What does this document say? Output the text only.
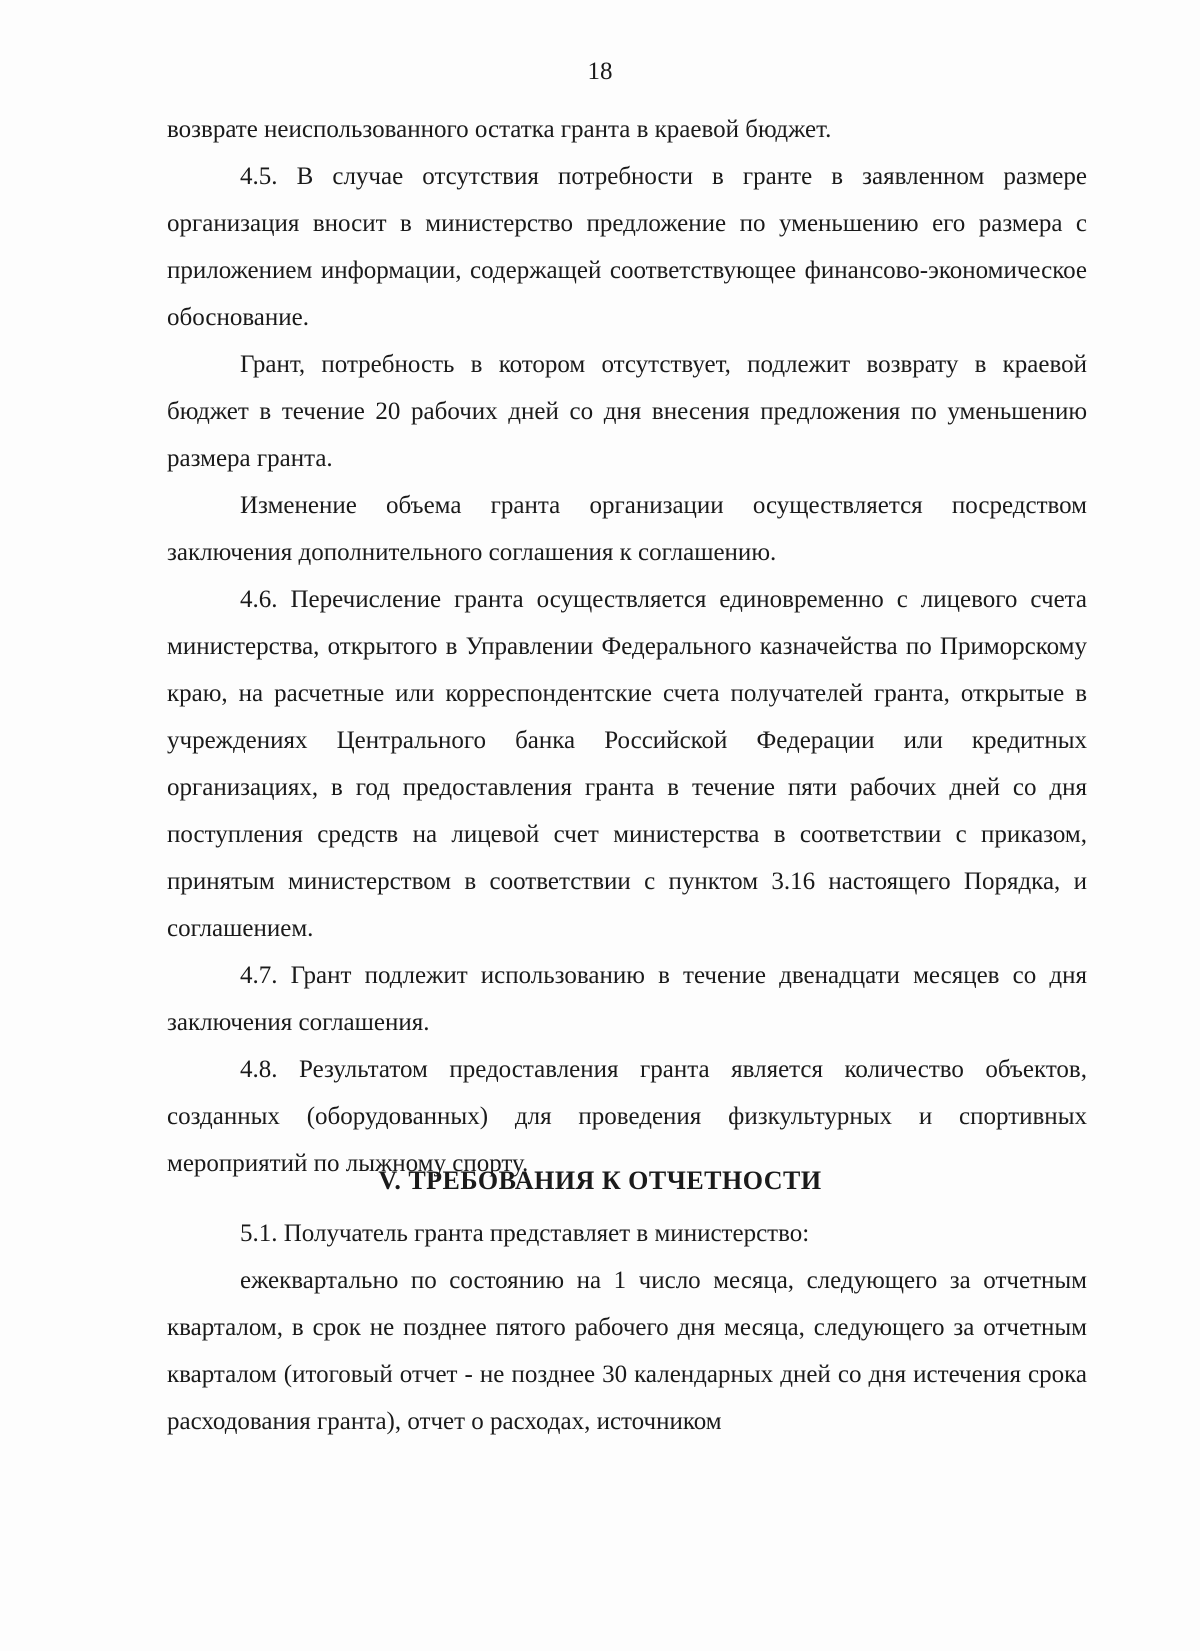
18

возврате неиспользованного остатка гранта в краевой бюджет.

4.5. В случае отсутствия потребности в гранте в заявленном размере организация вносит в министерство предложение по уменьшению его размера с приложением информации, содержащей соответствующее финансово-экономическое обоснование.

Грант, потребность в котором отсутствует, подлежит возврату в краевой бюджет в течение 20 рабочих дней со дня внесения предложения по уменьшению размера гранта.

Изменение объема гранта организации осуществляется посредством заключения дополнительного соглашения к соглашению.

4.6. Перечисление гранта осуществляется единовременно с лицевого счета министерства, открытого в Управлении Федерального казначейства по Приморскому краю, на расчетные или корреспондентские счета получателей гранта, открытые в учреждениях Центрального банка Российской Федерации или кредитных организациях, в год предоставления гранта в течение пяти рабочих дней со дня поступления средств на лицевой счет министерства в соответствии с приказом, принятым министерством в соответствии с пунктом 3.16 настоящего Порядка, и соглашением.

4.7. Грант подлежит использованию в течение двенадцати месяцев со дня заключения соглашения.

4.8. Результатом предоставления гранта является количество объектов, созданных (оборудованных) для проведения физкультурных и спортивных мероприятий по лыжному спорту.

V. ТРЕБОВАНИЯ К ОТЧЕТНОСТИ

5.1. Получатель гранта представляет в министерство:

ежеквартально по состоянию на 1 число месяца, следующего за отчетным кварталом, в срок не позднее пятого рабочего дня месяца, следующего за отчетным кварталом (итоговый отчет - не позднее 30 календарных дней со дня истечения срока расходования гранта), отчет о расходах, источником
